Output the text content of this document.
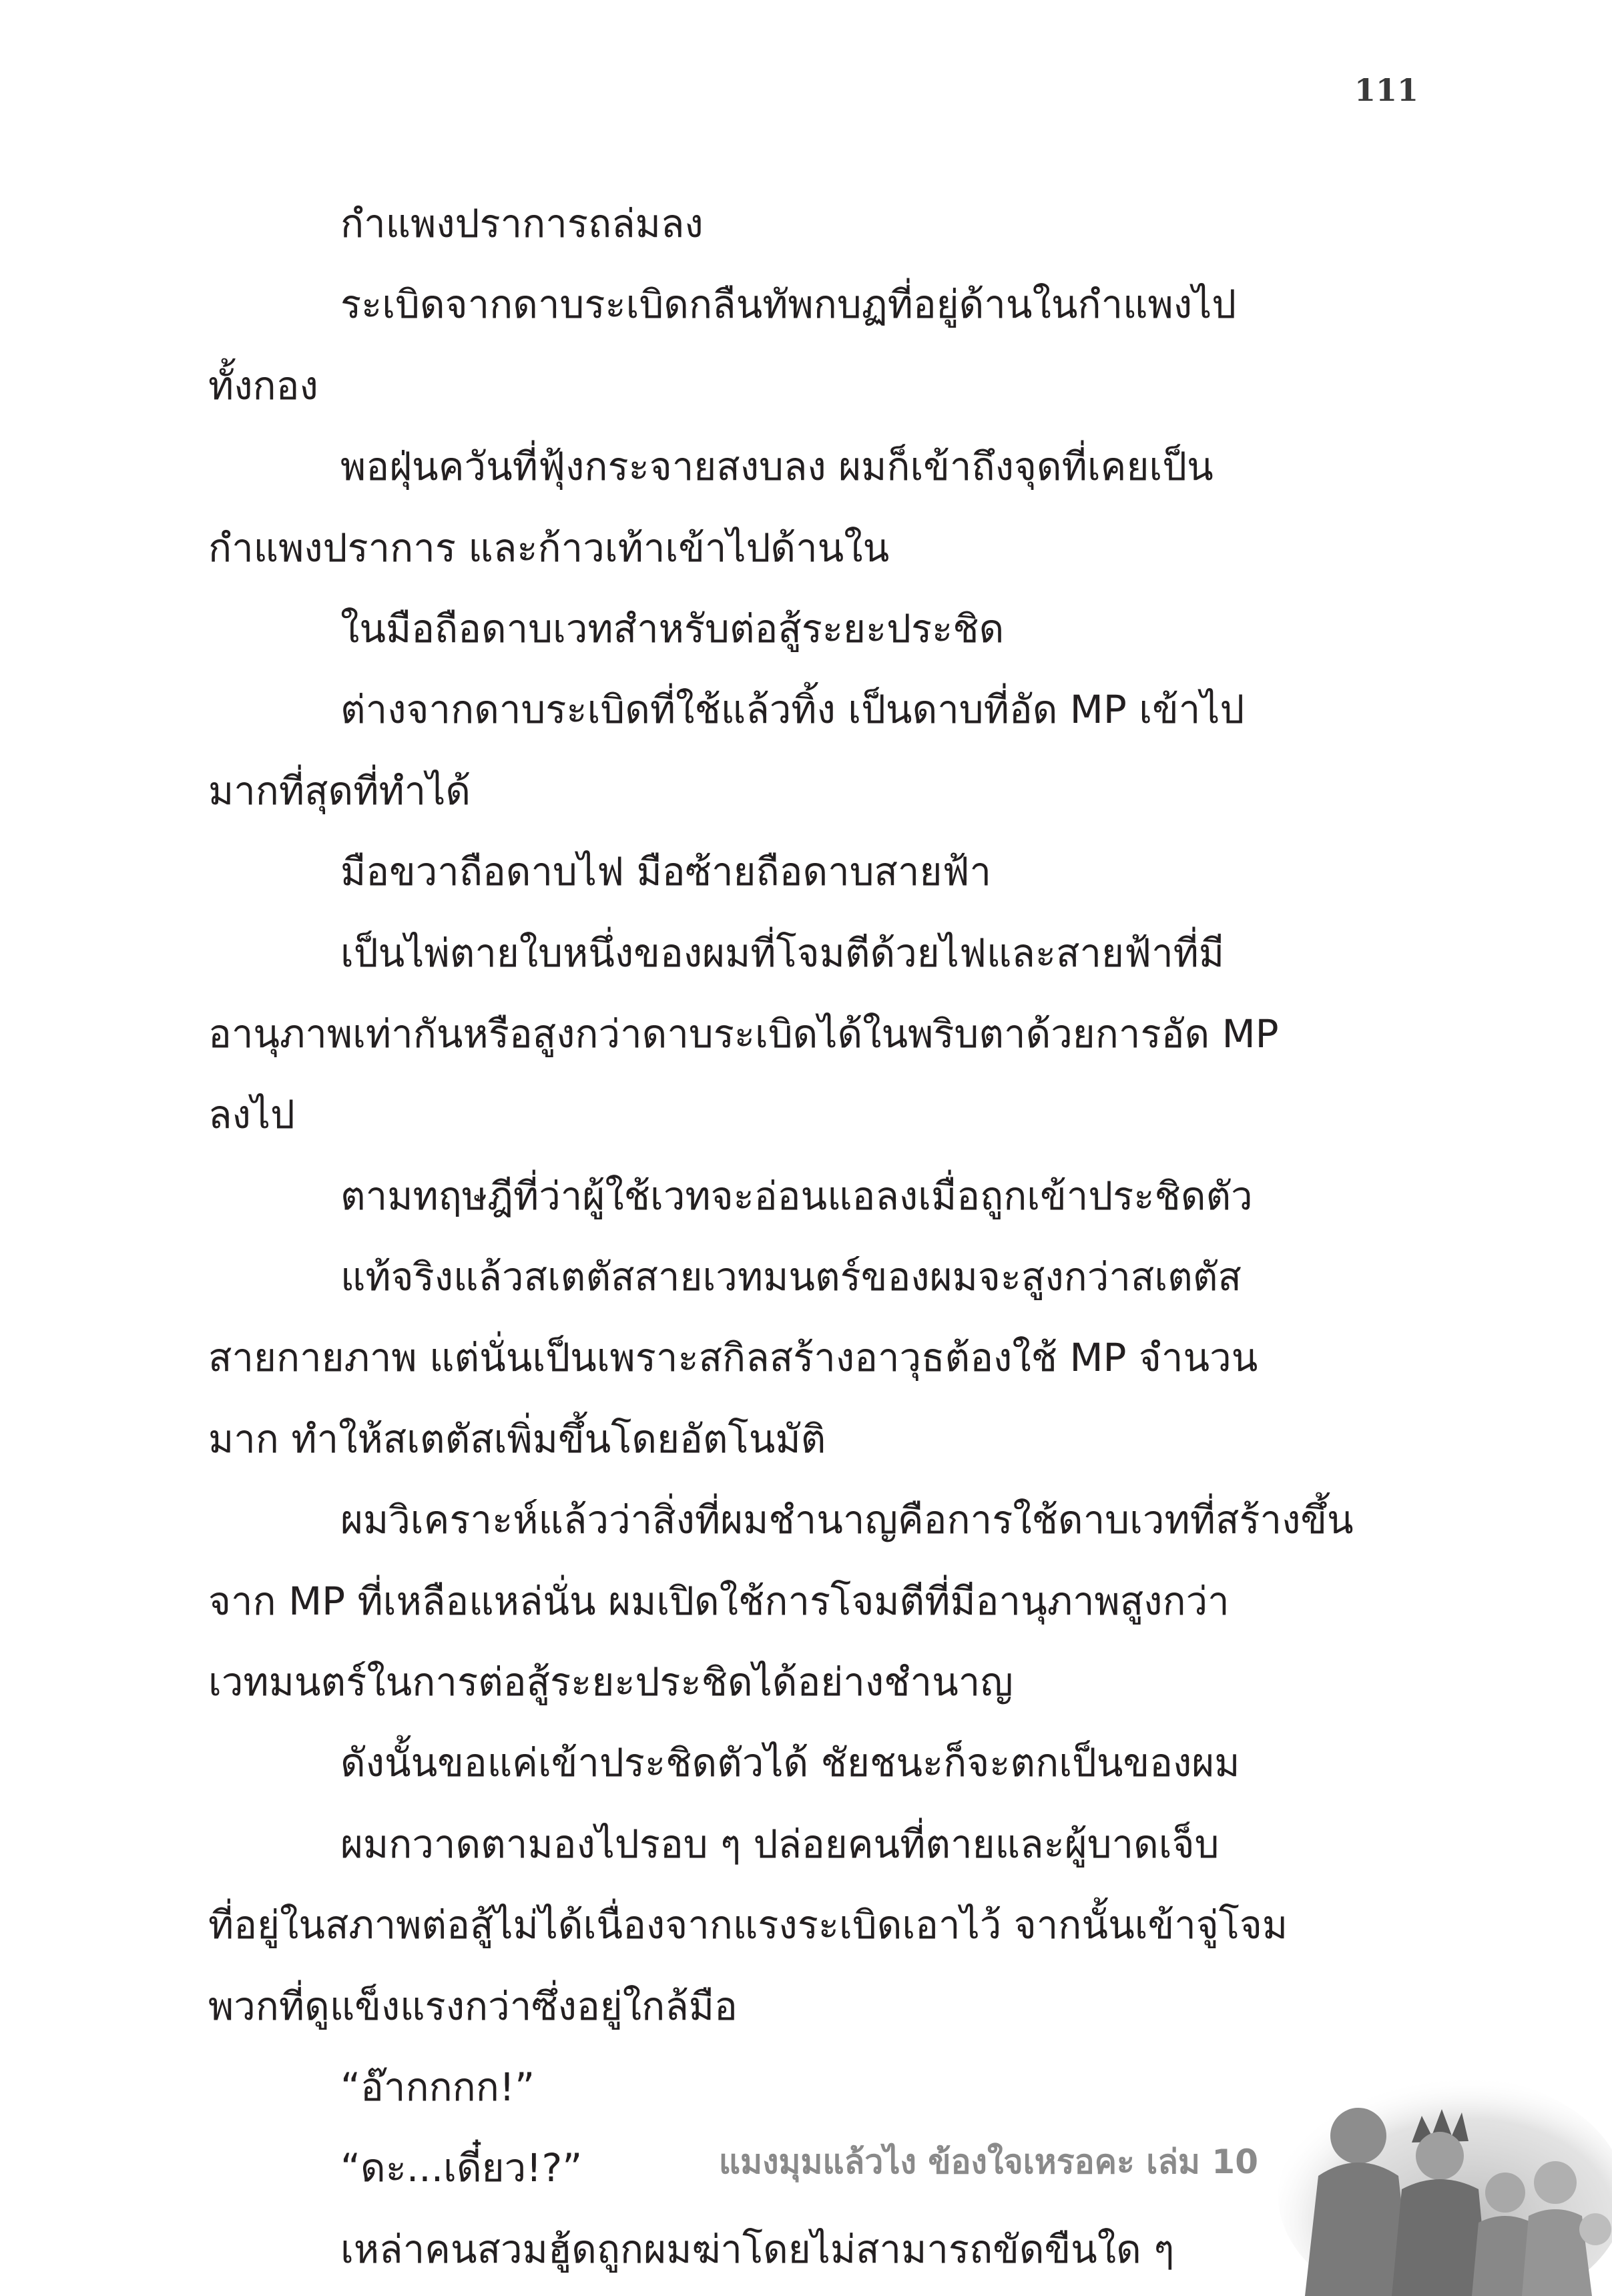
111
กำแพงปราการถล่มลง
ระเบิดจากดาบระเบิดกลืนทัพกบฏที่อยู่ด้านในกำแพงไป
ทั้งกอง
พอฝุ่นควันที่ฟุ้งกระจายสงบลง ผมก็เข้าถึงจุดที่เคยเป็น
กำแพงปราการ และก้าวเท้าเข้าไปด้านใน
ในมือถือดาบเวทสำหรับต่อสู้ระยะประชิด
ต่างจากดาบระเบิดที่ใช้แล้วทิ้ง เป็นดาบที่อัด MP เข้าไป
มากที่สุดที่ทำได้
มือขวาถือดาบไฟ มือซ้ายถือดาบสายฟ้า
เป็นไพ่ตายใบหนึ่งของผมที่โจมตีด้วยไฟและสายฟ้าที่มี
อานุภาพเท่ากันหรือสูงกว่าดาบระเบิดได้ในพริบตาด้วยการอัด MP
ลงไป
ตามทฤษฎีที่ว่าผู้ใช้เวทจะอ่อนแอลงเมื่อถูกเข้าประชิดตัว
แท้จริงแล้วสเตตัสสายเวทมนตร์ของผมจะสูงกว่าสเตตัส
สายกายภาพ แต่นั่นเป็นเพราะสกิลสร้างอาวุธต้องใช้ MP จำนวน
มาก ทำให้สเตตัสเพิ่มขึ้นโดยอัตโนมัติ
ผมวิเคราะห์แล้วว่าสิ่งที่ผมชำนาญคือการใช้ดาบเวทที่สร้างขึ้น
จาก MP ที่เหลือแหล่นั่น ผมเปิดใช้การโจมตีที่มีอานุภาพสูงกว่า
เวทมนตร์ในการต่อสู้ระยะประชิดได้อย่างชำนาญ
ดังนั้นขอแค่เข้าประชิดตัวได้ ชัยชนะก็จะตกเป็นของผม
ผมกวาดตามองไปรอบ ๆ ปล่อยคนที่ตายและผู้บาดเจ็บ
ที่อยู่ในสภาพต่อสู้ไม่ได้เนื่องจากแรงระเบิดเอาไว้ จากนั้นเข้าจู่โจม
พวกที่ดูแข็งแรงกว่าซึ่งอยู่ใกล้มือ
“อ๊ากกกก!”
“ดะ...เดี๋ยว!?”
เหล่าคนสวมฮู้ดถูกผมฆ่าโดยไม่สามารถขัดขืนใด ๆ
แมงมุมแล้วไง ข้องใจเหรอคะ เล่ม 10
